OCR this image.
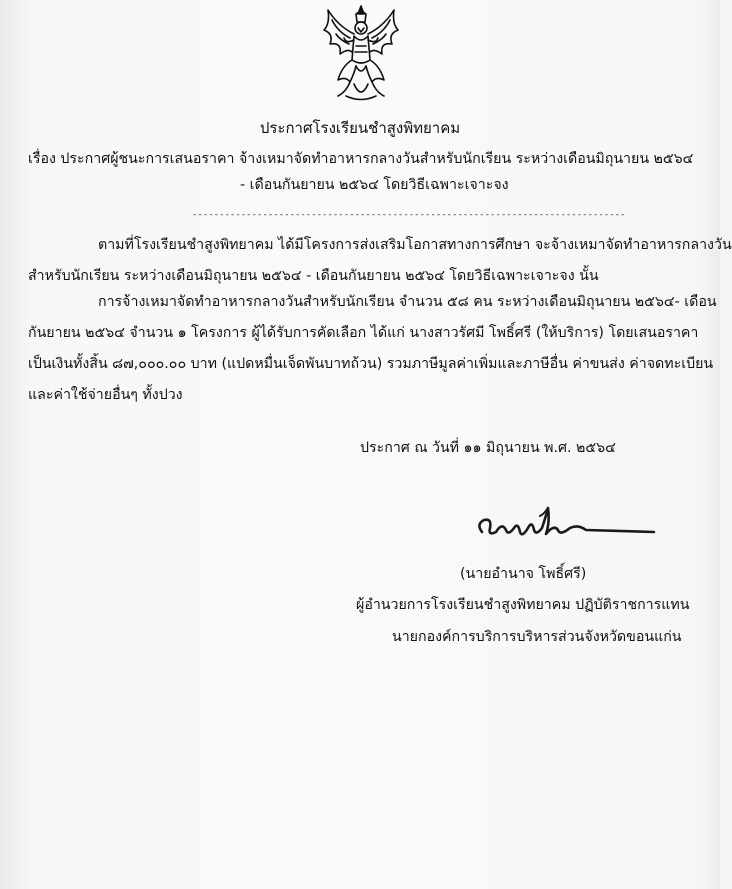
ประกาศโรงเรียนชำสูงพิทยาคม
เรื่อง ประกาศผู้ชนะการเสนอราคา จ้างเหมาจัดทำอาหารกลางวันสำหรับนักเรียน ระหว่างเดือนมิถุนายน ๒๕๖๔
- เดือนกันยายน ๒๕๖๔ โดยวิธีเฉพาะเจาะจง
--------------------------------------------------------------------------------
ตามที่โรงเรียนชำสูงพิทยาคม ได้มีโครงการส่งเสริมโอกาสทางการศึกษา จะจ้างเหมาจัดทำอาหารกลางวัน
สำหรับนักเรียน ระหว่างเดือนมิถุนายน ๒๕๖๔ - เดือนกันยายน ๒๕๖๔ โดยวิธีเฉพาะเจาะจง นั้น
การจ้างเหมาจัดทำอาหารกลางวันสำหรับนักเรียน จำนวน ๕๘ คน ระหว่างเดือนมิถุนายน ๒๕๖๔- เดือน
กันยายน ๒๕๖๔ จำนวน ๑ โครงการ ผู้ได้รับการคัดเลือก ได้แก่ นางสาวรัศมี โพธิ์ศรี (ให้บริการ) โดยเสนอราคา
เป็นเงินทั้งสิ้น ๘๗,๐๐๐.๐๐ บาท (แปดหมื่นเจ็ดพันบาทถ้วน) รวมภาษีมูลค่าเพิ่มและภาษีอื่น ค่าขนส่ง ค่าจดทะเบียน
และค่าใช้จ่ายอื่นๆ ทั้งปวง
ประกาศ ณ วันที่ ๑๑ มิถุนายน พ.ศ. ๒๕๖๔
(นายอำนาจ โพธิ์ศรี)
ผู้อำนวยการโรงเรียนชำสูงพิทยาคม ปฏิบัติราชการแทน
นายกองค์การบริการบริหารส่วนจังหวัดขอนแก่น
